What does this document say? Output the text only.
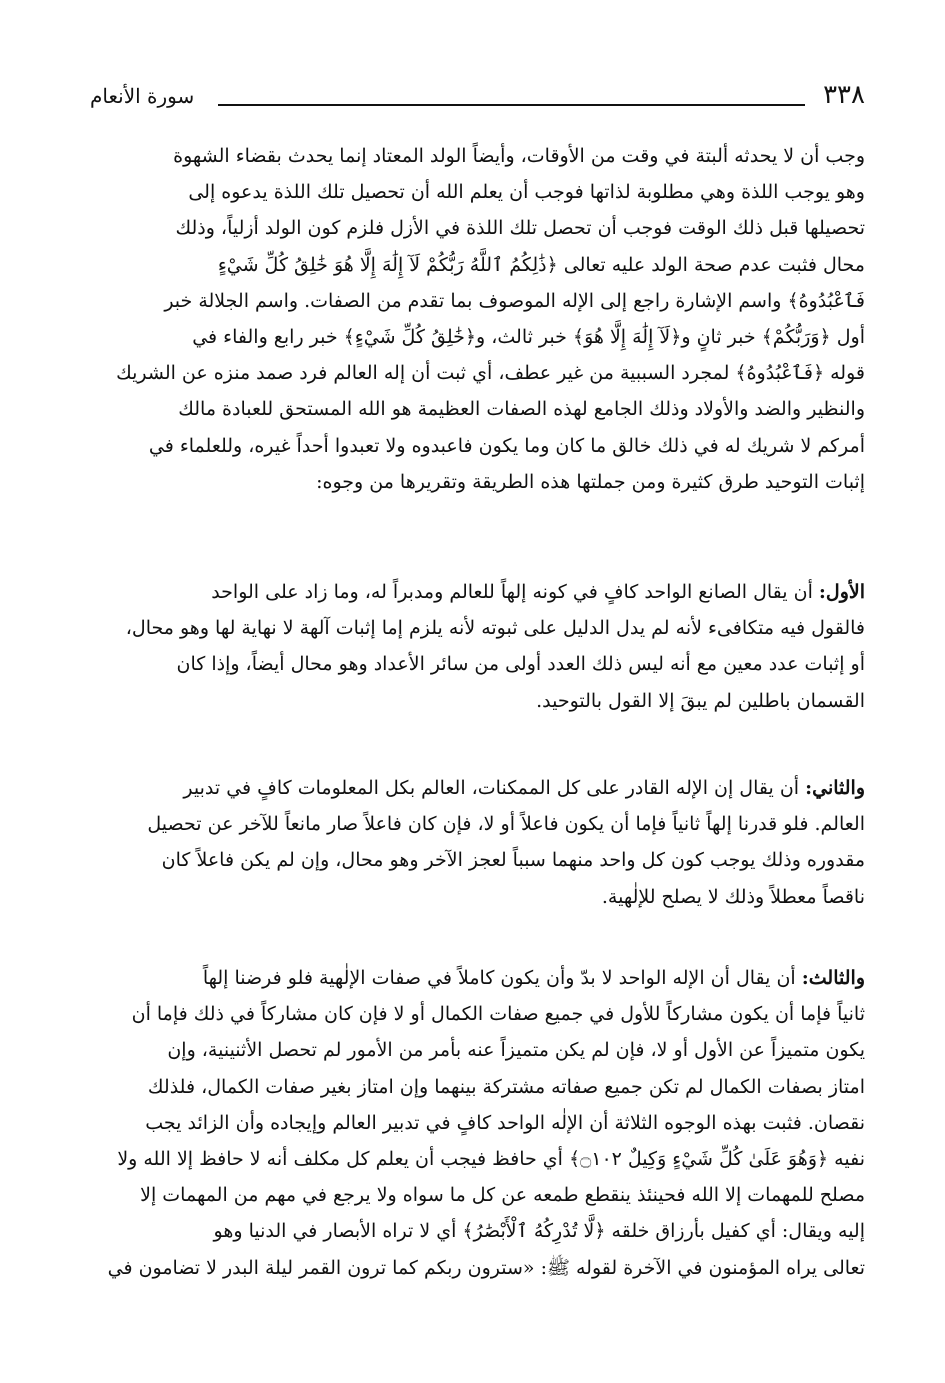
٣٣٨
سورة الأنعام
وجب أن لا يحدثه ألبتة في وقت من الأوقات، وأيضاً الولد المعتاد إنما يحدث بقضاء الشهوة
وهو يوجب اللذة وهي مطلوبة لذاتها فوجب أن يعلم الله أن تحصيل تلك اللذة يدعوه إلى
تحصيلها قبل ذلك الوقت فوجب أن تحصل تلك اللذة في الأزل فلزم كون الولد أزلياً، وذلك
محال فثبت عدم صحة الولد عليه تعالى ﴿ذَٰلِكُمُ ٱللَّهُ رَبُّكُمْ لَآ إِلَٰهَ إِلَّا هُوَ خَٰلِقُ كُلِّ شَيْءٍ
فَٱعْبُدُوهُ﴾ واسم الإشارة راجع إلى الإله الموصوف بما تقدم من الصفات. واسم الجلالة خبر
أول ﴿وَرَبُّكُمْ﴾ خبر ثانٍ و﴿لَآ إِلَٰهَ إِلَّا هُوَ﴾ خبر ثالث، و﴿خَٰلِقُ كُلِّ شَيْءٍ﴾ خبر رابع والفاء في
قوله ﴿فَٱعْبُدُوهُ﴾ لمجرد السببية من غير عطف، أي ثبت أن إله العالم فرد صمد منزه عن الشريك
والنظير والضد والأولاد وذلك الجامع لهذه الصفات العظيمة هو الله المستحق للعبادة مالك
أمركم لا شريك له في ذلك خالق ما كان وما يكون فاعبدوه ولا تعبدوا أحداً غيره، وللعلماء في
إثبات التوحيد طرق كثيرة ومن جملتها هذه الطريقة وتقريرها من وجوه:
الأول: أن يقال الصانع الواحد كافٍ في كونه إلهاً للعالم ومدبراً له، وما زاد على الواحد
فالقول فيه متكافىء لأنه لم يدل الدليل على ثبوته لأنه يلزم إما إثبات آلهة لا نهاية لها وهو محال،
أو إثبات عدد معين مع أنه ليس ذلك العدد أولى من سائر الأعداد وهو محال أيضاً، وإذا كان
القسمان باطلين لم يبقَ إلا القول بالتوحيد.
والثاني: أن يقال إن الإله القادر على كل الممكنات، العالم بكل المعلومات كافٍ في تدبير
العالم. فلو قدرنا إلهاً ثانياً فإما أن يكون فاعلاً أو لا، فإن كان فاعلاً صار مانعاً للآخر عن تحصيل
مقدوره وذلك يوجب كون كل واحد منهما سبباً لعجز الآخر وهو محال، وإن لم يكن فاعلاً كان
ناقصاً معطلاً وذلك لا يصلح للإلٰهية.
والثالث: أن يقال أن الإله الواحد لا بدّ وأن يكون كاملاً في صفات الإلٰهية فلو فرضنا إلهاً
ثانياً فإما أن يكون مشاركاً للأول في جميع صفات الكمال أو لا فإن كان مشاركاً في ذلك فإما أن
يكون متميزاً عن الأول أو لا، فإن لم يكن متميزاً عنه بأمر من الأمور لم تحصل الأثنينية، وإن
امتاز بصفات الكمال لم تكن جميع صفاته مشتركة بينهما وإن امتاز بغير صفات الكمال، فلذلك
نقصان. فثبت بهذه الوجوه الثلاثة أن الإلٰه الواحد كافٍ في تدبير العالم وإيجاده وأن الزائد يجب
نفيه ﴿وَهُوَ عَلَىٰ كُلِّ شَيْءٍ وَكِيلٌ ۝١٠٢﴾ أي حافظ فيجب أن يعلم كل مكلف أنه لا حافظ إلا الله ولا
مصلح للمهمات إلا الله فحينئذ ينقطع طمعه عن كل ما سواه ولا يرجع في مهم من المهمات إلا
إليه ويقال: أي كفيل بأرزاق خلقه ﴿لَّا تُدْرِكُهُ ٱلْأَبْصَٰرُ﴾ أي لا تراه الأبصار في الدنيا وهو
تعالى يراه المؤمنون في الآخرة لقوله ﷺ: «سترون ربكم كما ترون القمر ليلة البدر لا تضامون في
